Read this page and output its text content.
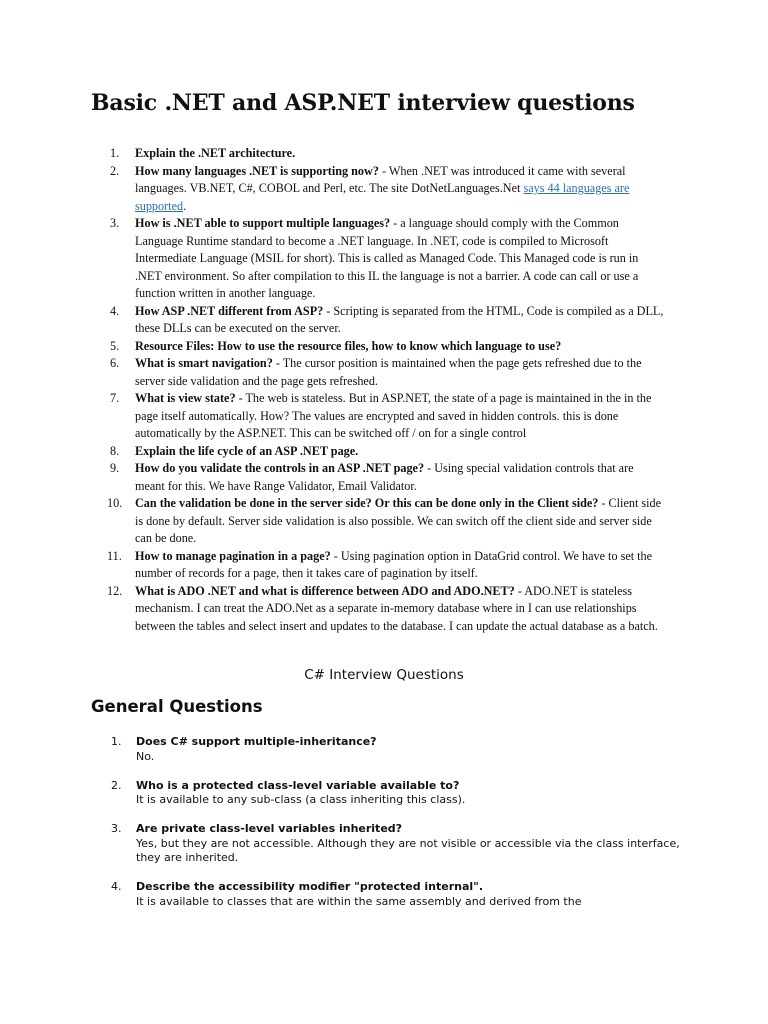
Basic .NET and ASP.NET interview questions
1.	Explain the .NET architecture.
2.	How many languages .NET is supporting now? - When .NET was introduced it came with several languages. VB.NET, C#, COBOL and Perl, etc. The site DotNetLanguages.Net says 44 languages are supported.
3.	How is .NET able to support multiple languages? - a language should comply with the Common Language Runtime standard to become a .NET language. In .NET, code is compiled to Microsoft Intermediate Language (MSIL for short). This is called as Managed Code. This Managed code is run in .NET environment. So after compilation to this IL the language is not a barrier. A code can call or use a function written in another language.
4.	How ASP .NET different from ASP? - Scripting is separated from the HTML, Code is compiled as a DLL, these DLLs can be executed on the server.
5.	Resource Files: How to use the resource files, how to know which language to use?
6.	What is smart navigation? - The cursor position is maintained when the page gets refreshed due to the server side validation and the page gets refreshed.
7.	What is view state? - The web is stateless. But in ASP.NET, the state of a page is maintained in the in the page itself automatically. How? The values are encrypted and saved in hidden controls. this is done automatically by the ASP.NET. This can be switched off / on for a single control
8.	Explain the life cycle of an ASP .NET page.
9.	How do you validate the controls in an ASP .NET page? - Using special validation controls that are meant for this. We have Range Validator, Email Validator.
10.	Can the validation be done in the server side? Or this can be done only in the Client side? - Client side is done by default. Server side validation is also possible. We can switch off the client side and server side can be done.
11.	How to manage pagination in a page? - Using pagination option in DataGrid control. We have to set the number of records for a page, then it takes care of pagination by itself.
12.	What is ADO .NET and what is difference between ADO and ADO.NET? - ADO.NET is stateless mechanism. I can treat the ADO.Net as a separate in-memory database where in I can use relationships between the tables and select insert and updates to the database. I can update the actual database as a batch.
C# Interview Questions
General Questions
1. Does C# support multiple-inheritance?
No.
2. Who is a protected class-level variable available to?
It is available to any sub-class (a class inheriting this class).
3. Are private class-level variables inherited?
Yes, but they are not accessible. Although they are not visible or accessible via the class interface, they are inherited.
4. Describe the accessibility modifier "protected internal".
It is available to classes that are within the same assembly and derived from the
